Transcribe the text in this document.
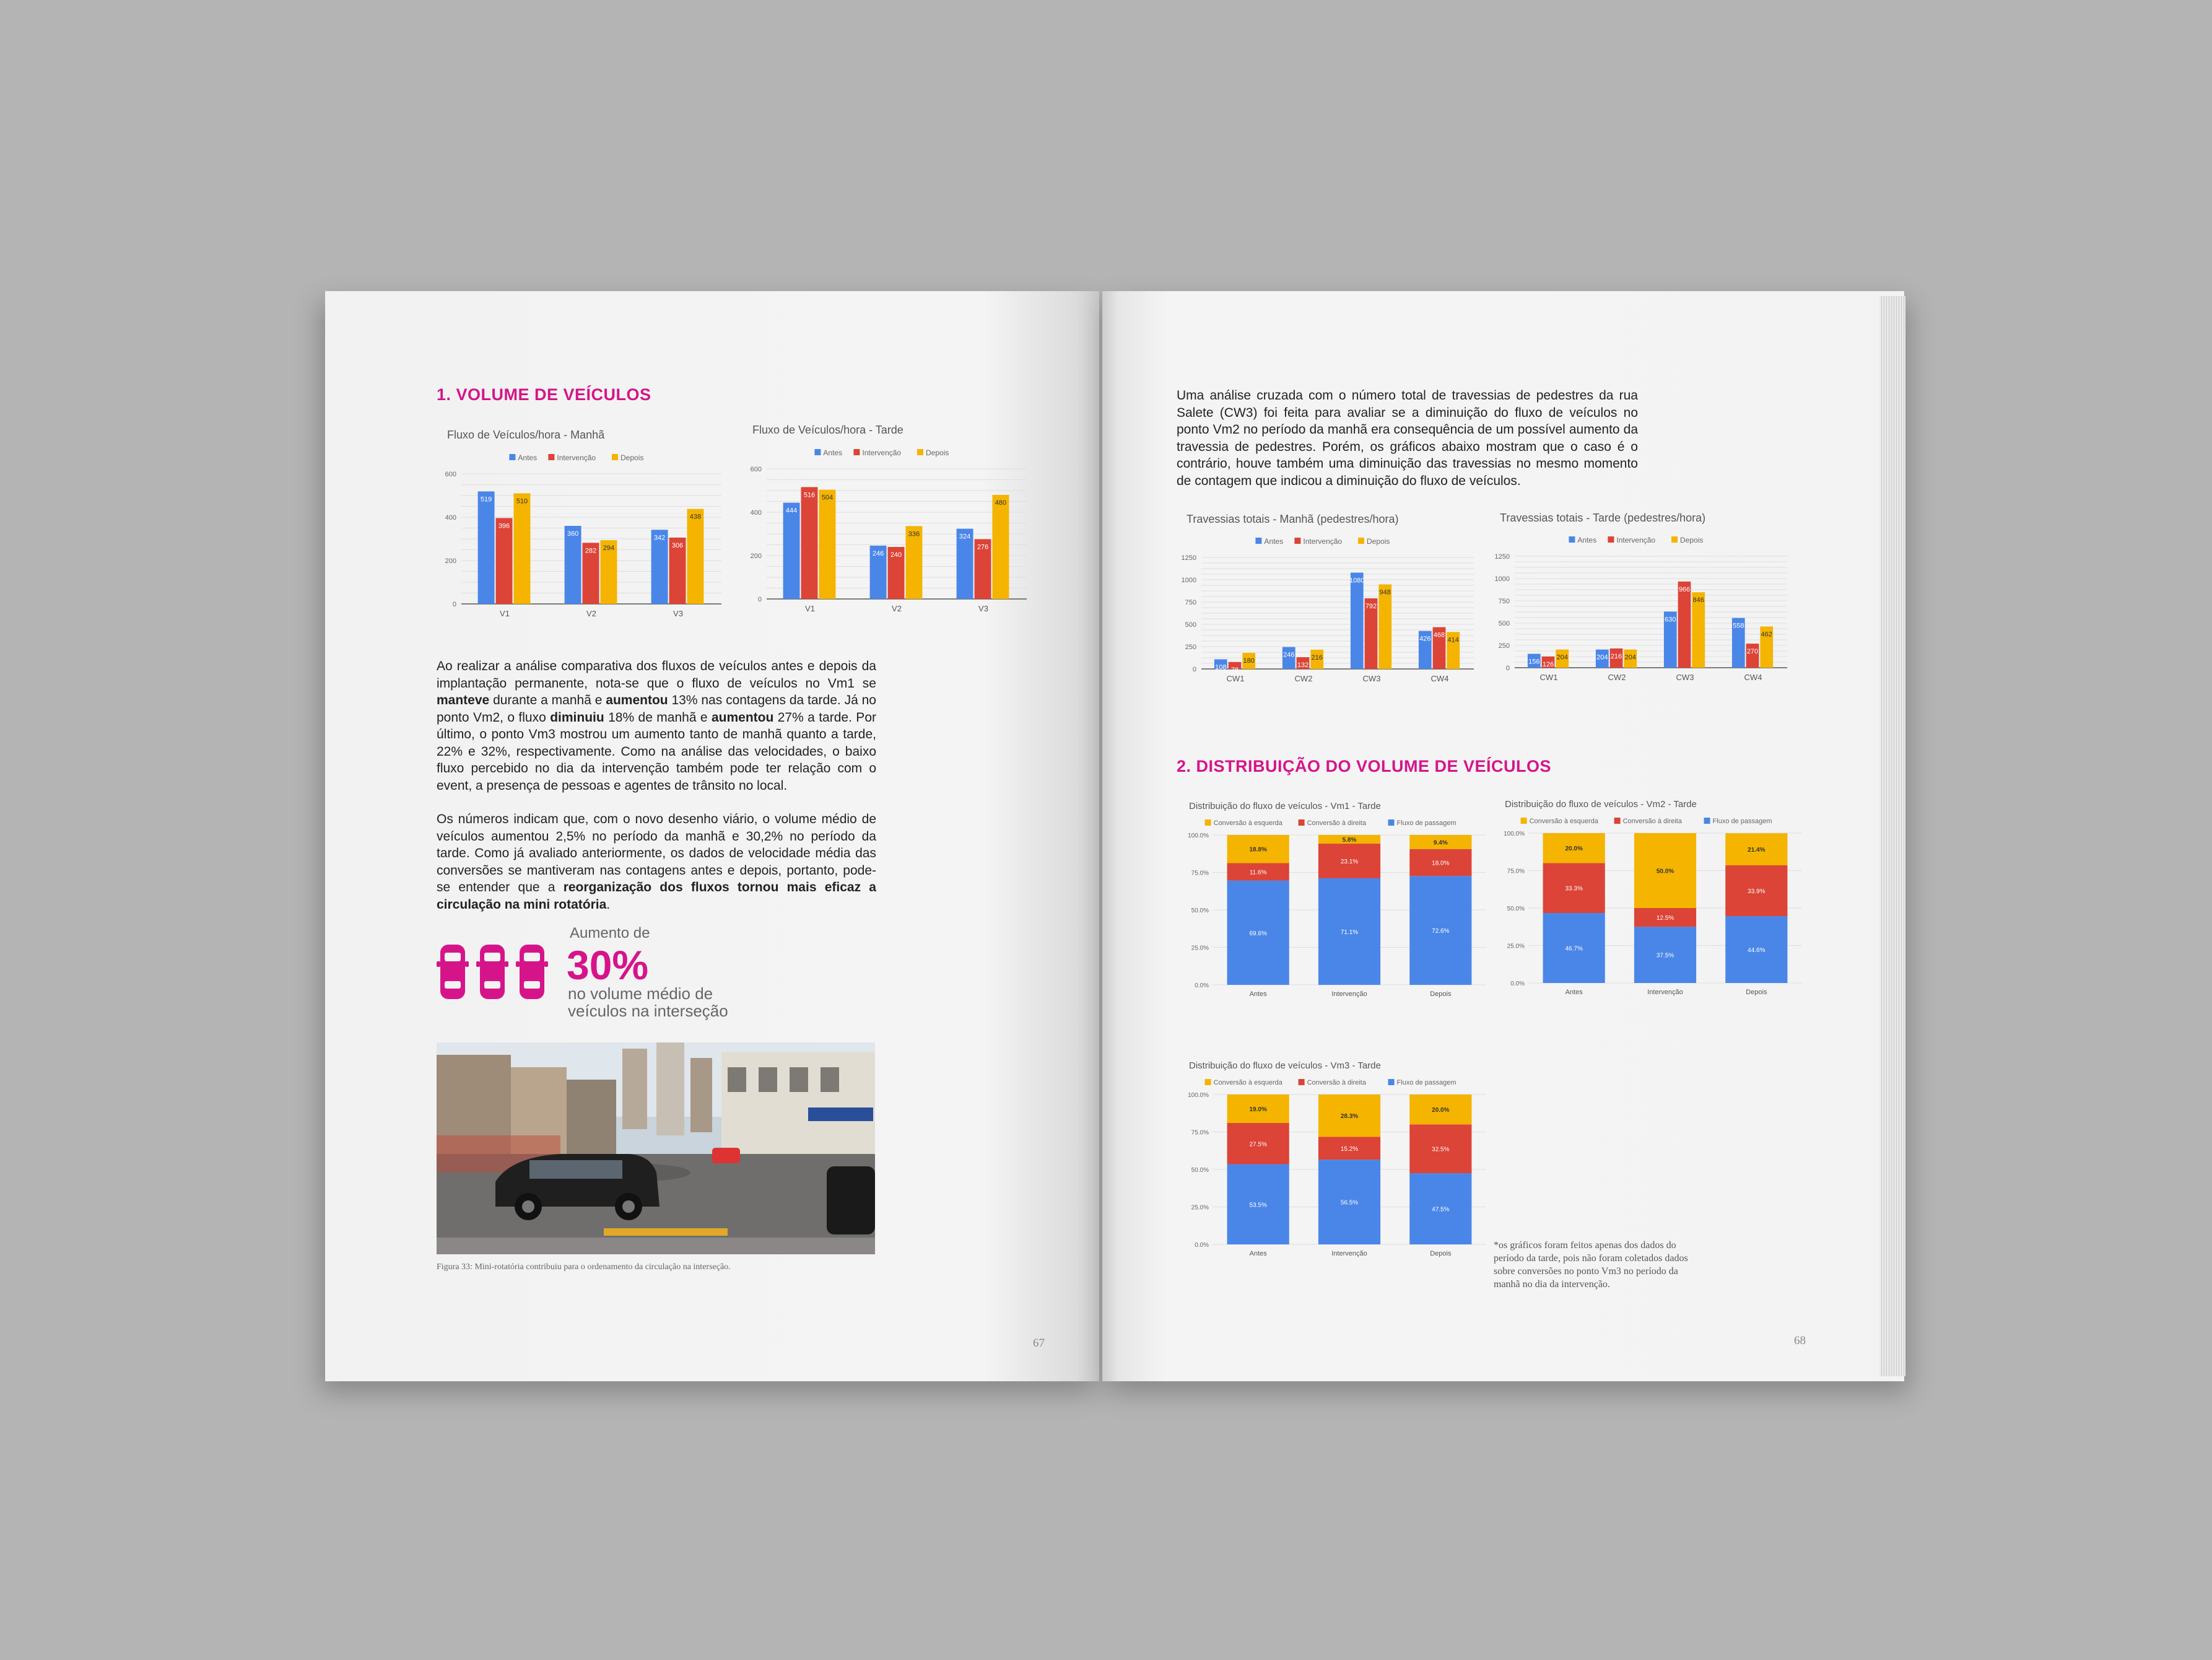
1. VOLUME DE VEÍCULOS
Fluxo de Veículos/hora - Manhã
Antes	Intervenção	Depois
0
200
400
600
519
396
510
V1
360
282 294
V2
342
306
438
V3
Fluxo de Veículos/hora - Tarde
Antes	Intervenção	Depois
0
200
400
600
444
516 504
V1
246 240
336
V2
324
276
480
V3

Ao realizar a análise comparativa dos fluxos de veículos antes e depois da implantação permanente, nota-se que o fluxo de veículos no Vm1 se manteve durante a manhã e aumentou 13% nas contagens da tarde. Já no ponto Vm2, o fluxo diminuiu 18% de manhã e aumentou 27% a tarde. Por último, o ponto Vm3 mostrou um aumento tanto de manhã quanto a tarde, 22% e 32%, respectivamente. Como na análise das velocidades, o baixo fluxo percebido no dia da intervenção também pode ter relação com o event, a presença de pessoas e agentes de trânsito no local.

Os números indicam que, com o novo desenho viário, o volume médio de veículos aumentou 2,5% no período da manhã e 30,2% no período da tarde. Como já avaliado anteriormente, os dados de velocidade média das conversões se mantiveram nas contagens antes e depois, portanto, pode-se entender que a reorganização dos fluxos tornou mais eficaz a circulação na mini rotatória.

Aumento de
30%
no volume médio de
veículos na interseção
Figura 33: Mini-rotatória contribuiu para o ordenamento da circulação na interseção.
67

Uma análise cruzada com o número total de travessias de pedestres da rua Salete (CW3) foi feita para avaliar se a diminuição do fluxo de veículos no ponto Vm2 no período da manhã era consequência de um possível aumento da travessia de pedestres. Porém, os gráficos abaixo mostram que o caso é o contrário, houve também uma diminuição das travessias no mesmo momento de contagem que indicou a diminuição do fluxo de veículos.

Travessias totais - Manhã (pedestres/hora)
Antes	Intervenção	Depois
0
250
500
750
1000
1250
108 78
180
CW1
246
132
216
CW2
1080
792
948
CW3
426
468
414
CW4
Travessias totais - Tarde (pedestres/hora)
Antes	Intervenção	Depois
0
250
500
750
1000
1250
156 126
204
CW1
204 216 204
CW2
630
966
846
CW3
558
270
462
CW4
2. DISTRIBUIÇÃO DO VOLUME DE VEÍCULOS
Distribuição do fluxo de veículos - Vm1 - Tarde
Conversão à esquerda	Conversão à direita	Fluxo de passagem
0.0%
25.0%
50.0%
75.0%
100.0%
69.6%
11.6%
18.8%
Antes
71.1%
23.1%
5.8%
Intervenção
72.6%
18.0%
9.4%
Depois
Distribuição do fluxo de veículos - Vm2 - Tarde
Conversão à esquerda	Conversão à direita	Fluxo de passagem
0.0%
25.0%
50.0%
75.0%
100.0%
46.7%
33.3%
20.0%
Antes
37.5%
12.5%
50.0%
Intervenção
44.6%
33.9%
21.4%
Depois
Distribuição do fluxo de veículos - Vm3 - Tarde
Conversão à esquerda	Conversão à direita	Fluxo de passagem
0.0%
25.0%
50.0%
75.0%
100.0%
53.5%
27.5%
19.0%
Antes
56.5%
15.2%
28.3%
Intervenção
47.5%
32.5%
20.0%
Depois
*os gráficos foram feitos apenas dos dados do período da tarde, pois não foram coletados dados sobre conversões no ponto Vm3 no período da manhã no dia da intervenção.
68
